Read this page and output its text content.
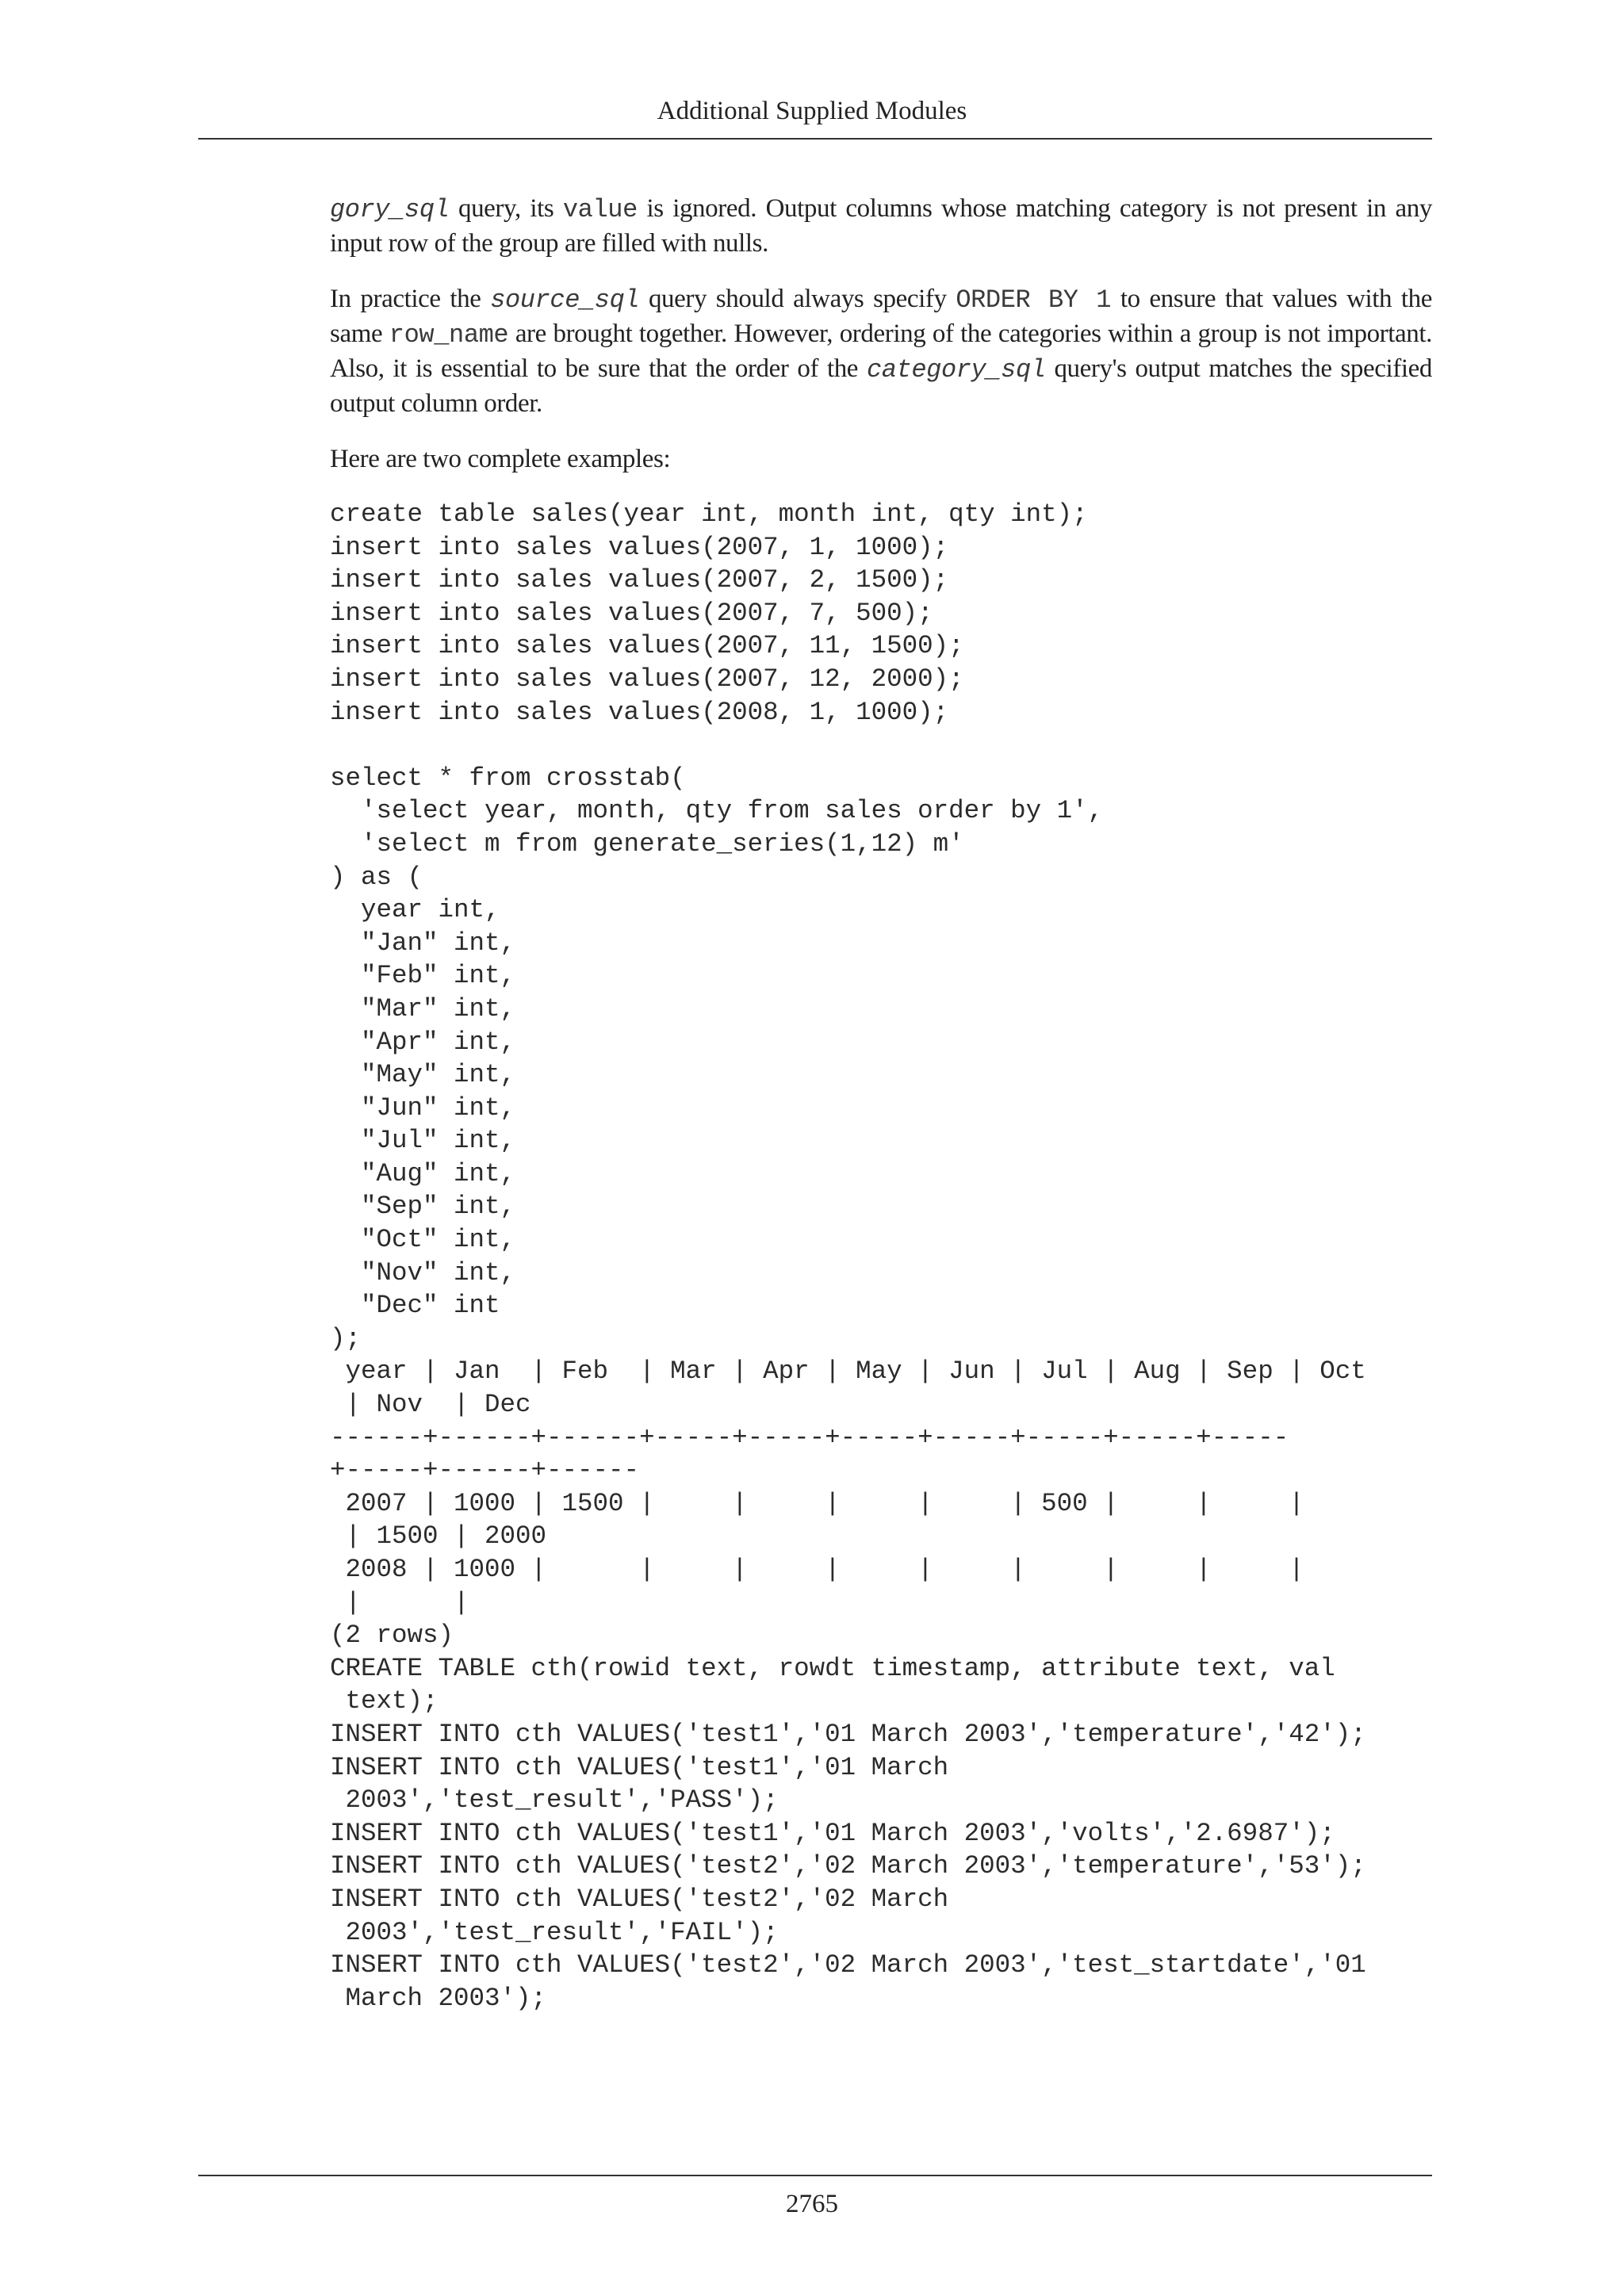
Additional Supplied Modules

gory_sql query, its value is ignored. Output columns whose matching category is not present in any input row of the group are filled with nulls.

In practice the source_sql query should always specify ORDER BY 1 to ensure that values with the same row_name are brought together. However, ordering of the categories within a group is not important. Also, it is essential to be sure that the order of the category_sql query's output matches the specified output column order.

Here are two complete examples:

create table sales(year int, month int, qty int);
insert into sales values(2007, 1, 1000);
insert into sales values(2007, 2, 1500);
insert into sales values(2007, 7, 500);
insert into sales values(2007, 11, 1500);
insert into sales values(2007, 12, 2000);
insert into sales values(2008, 1, 1000);

select * from crosstab(
'select year, month, qty from sales order by 1',
'select m from generate_series(1,12) m'
) as (
year int,
"Jan" int,
"Feb" int,
"Mar" int,
"Apr" int,
"May" int,
"Jun" int,
"Jul" int,
"Aug" int,
"Sep" int,
"Oct" int,
"Nov" int,
"Dec" int
);
year | Jan  | Feb  | Mar | Apr | May | Jun | Jul | Aug | Sep | Oct
| Nov  | Dec
------+------+------+-----+-----+-----+-----+-----+-----+-----
+-----+------+------
2007 | 1000 | 1500 |     |     |     |     | 500 |     |     |
| 1500 | 2000
2008 | 1000 |      |     |     |     |     |     |     |     |
|      |
(2 rows)
CREATE TABLE cth(rowid text, rowdt timestamp, attribute text, val
text);
INSERT INTO cth VALUES('test1','01 March 2003','temperature','42');
INSERT INTO cth VALUES('test1','01 March
2003','test_result','PASS');
INSERT INTO cth VALUES('test1','01 March 2003','volts','2.6987');
INSERT INTO cth VALUES('test2','02 March 2003','temperature','53');
INSERT INTO cth VALUES('test2','02 March
2003','test_result','FAIL');
INSERT INTO cth VALUES('test2','02 March 2003','test_startdate','01
March 2003');
2765
